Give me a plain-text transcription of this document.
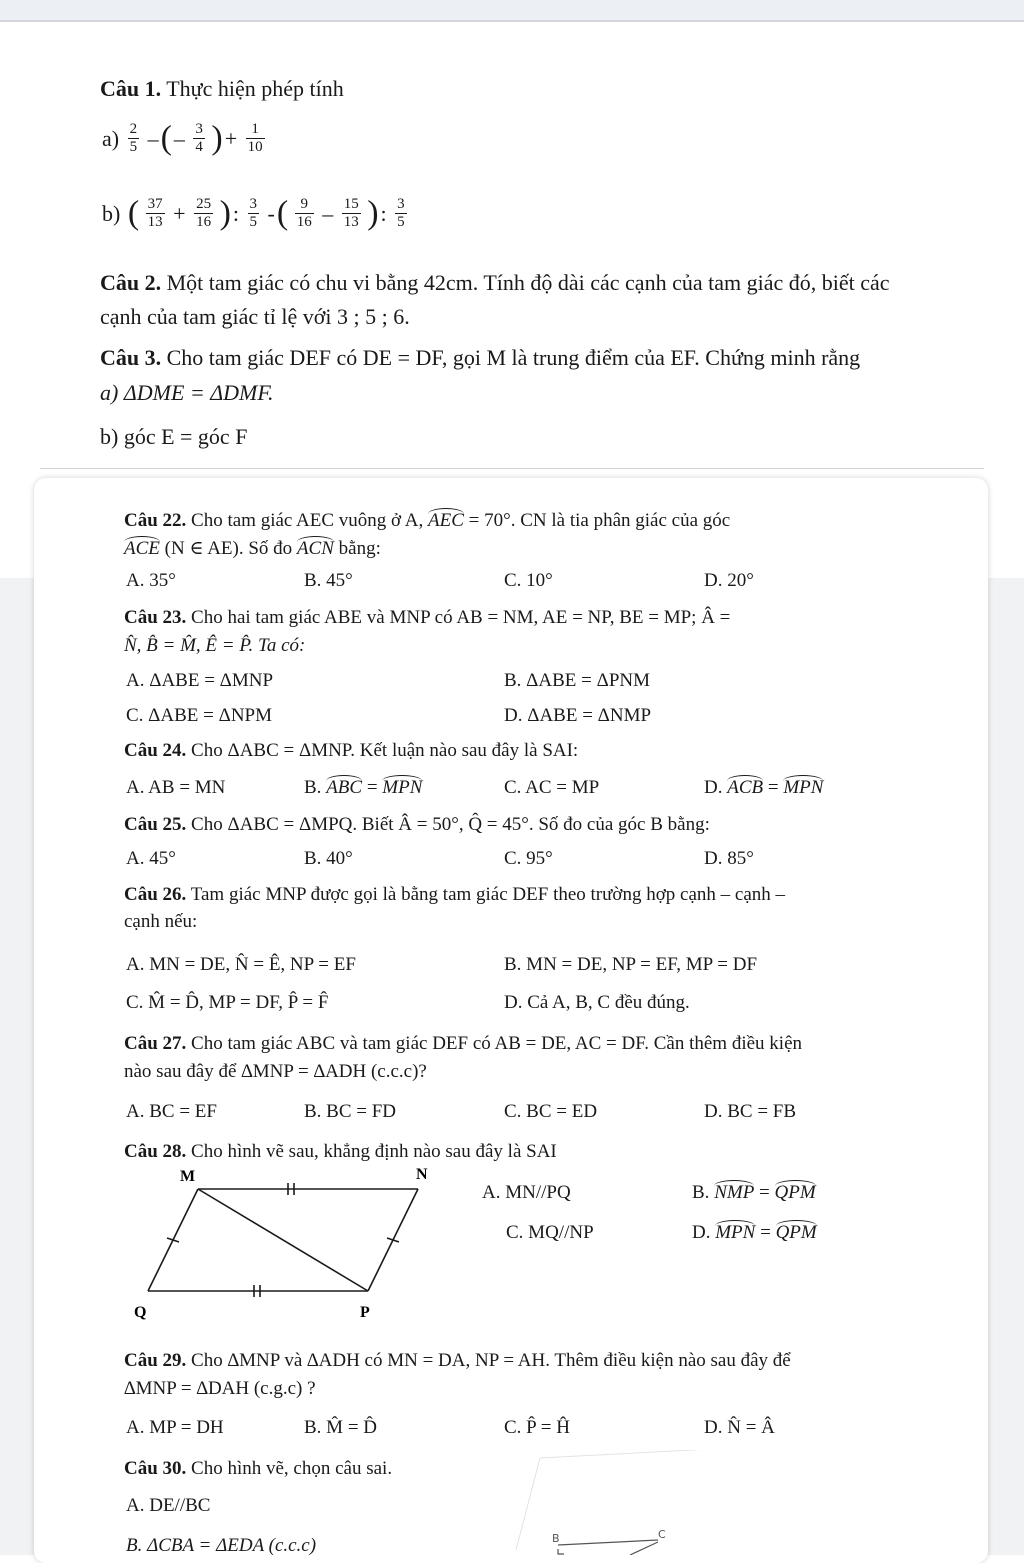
Câu 1. Thực hiện phép tính
$a) \frac{2}{5}$ –(– $\frac{3}{4}$ )+ $\frac{1}{10}$
b) ( $\frac{37}{13} + \frac{25}{16}$ ): $\frac{3}{5}$ -( $\frac{9}{16} - \frac{15}{13}$ ): $\frac{3}{5}$
Câu 2. Một tam giác có chu vi bằng 42cm. Tính độ dài các cạnh của tam giác đó, biết các
cạnh của tam giác tỉ lệ với 3 ; 5 ; 6.
Câu 3. Cho tam giác DEF có DE = DF, gọi M là trung điểm của EF. Chứng minh rằng
a) ΔDME = ΔDMF.
b) góc E = góc F
Câu 22. Cho tam giác AEC vuông ở A, AEC = 70°. CN là tia phân giác của góc
ACE (N ∈ AE). Số đo ACN bằng:
A. 35°	B. 45°	C. 10°	D. 20°
Câu 23. Cho hai tam giác ABE và MNP có AB = NM, AE = NP, BE = MP; Â =
N̂, B̂ = M̂, Ê = P̂. Ta có:
A. ΔABE = ΔMNP	B. ΔABE = ΔPNM
C. ΔABE = ΔNPM	D. ΔABE = ΔNMP
Câu 24. Cho ΔABC = ΔMNP. Kết luận nào sau đây là SAI:
A. AB = MN	B. ABC = MPN	C. AC = MP	D. ACB = MPN
Câu 25. Cho ΔABC = ΔMPQ. Biết Â = 50°, Q̂ = 45°. Số đo của góc B bằng:
A. 45°	B. 40°	C. 95°	D. 85°
Câu 26. Tam giác MNP được gọi là bằng tam giác DEF theo trường hợp cạnh – cạnh –
cạnh nếu:
A. MN = DE, N̂ = Ê, NP = EF	B. MN = DE, NP = EF, MP = DF
C. M̂ = D̂, MP = DF, P̂ = F̂	D. Cả A, B, C đều đúng.
Câu 27. Cho tam giác ABC và tam giác DEF có AB = DE, AC = DF. Cần thêm điều kiện
nào sau đây để ∆MNP = ∆ADH (c.c.c)?
A. BC = EF	B. BC = FD	C. BC = ED	D. BC = FB
Câu 28. Cho hình vẽ sau, khẳng định nào sau đây là SAI
M	N
Q	P
A. MN//PQ	B. NMP = QPM
C. MQ//NP	D. MPN = QPM
Câu 29. Cho ∆MNP và ∆ADH có MN = DA, NP = AH. Thêm điều kiện nào sau đây để
∆MNP = ∆DAH (c.g.c) ?
A. MP = DH	B. M̂ = D̂	C. P̂ = Ĥ	D. N̂ = Â
Câu 30. Cho hình vẽ, chọn câu sai.
A. DE//BC
B. ΔCBA = ΔEDA (c.c.c)	B	C
